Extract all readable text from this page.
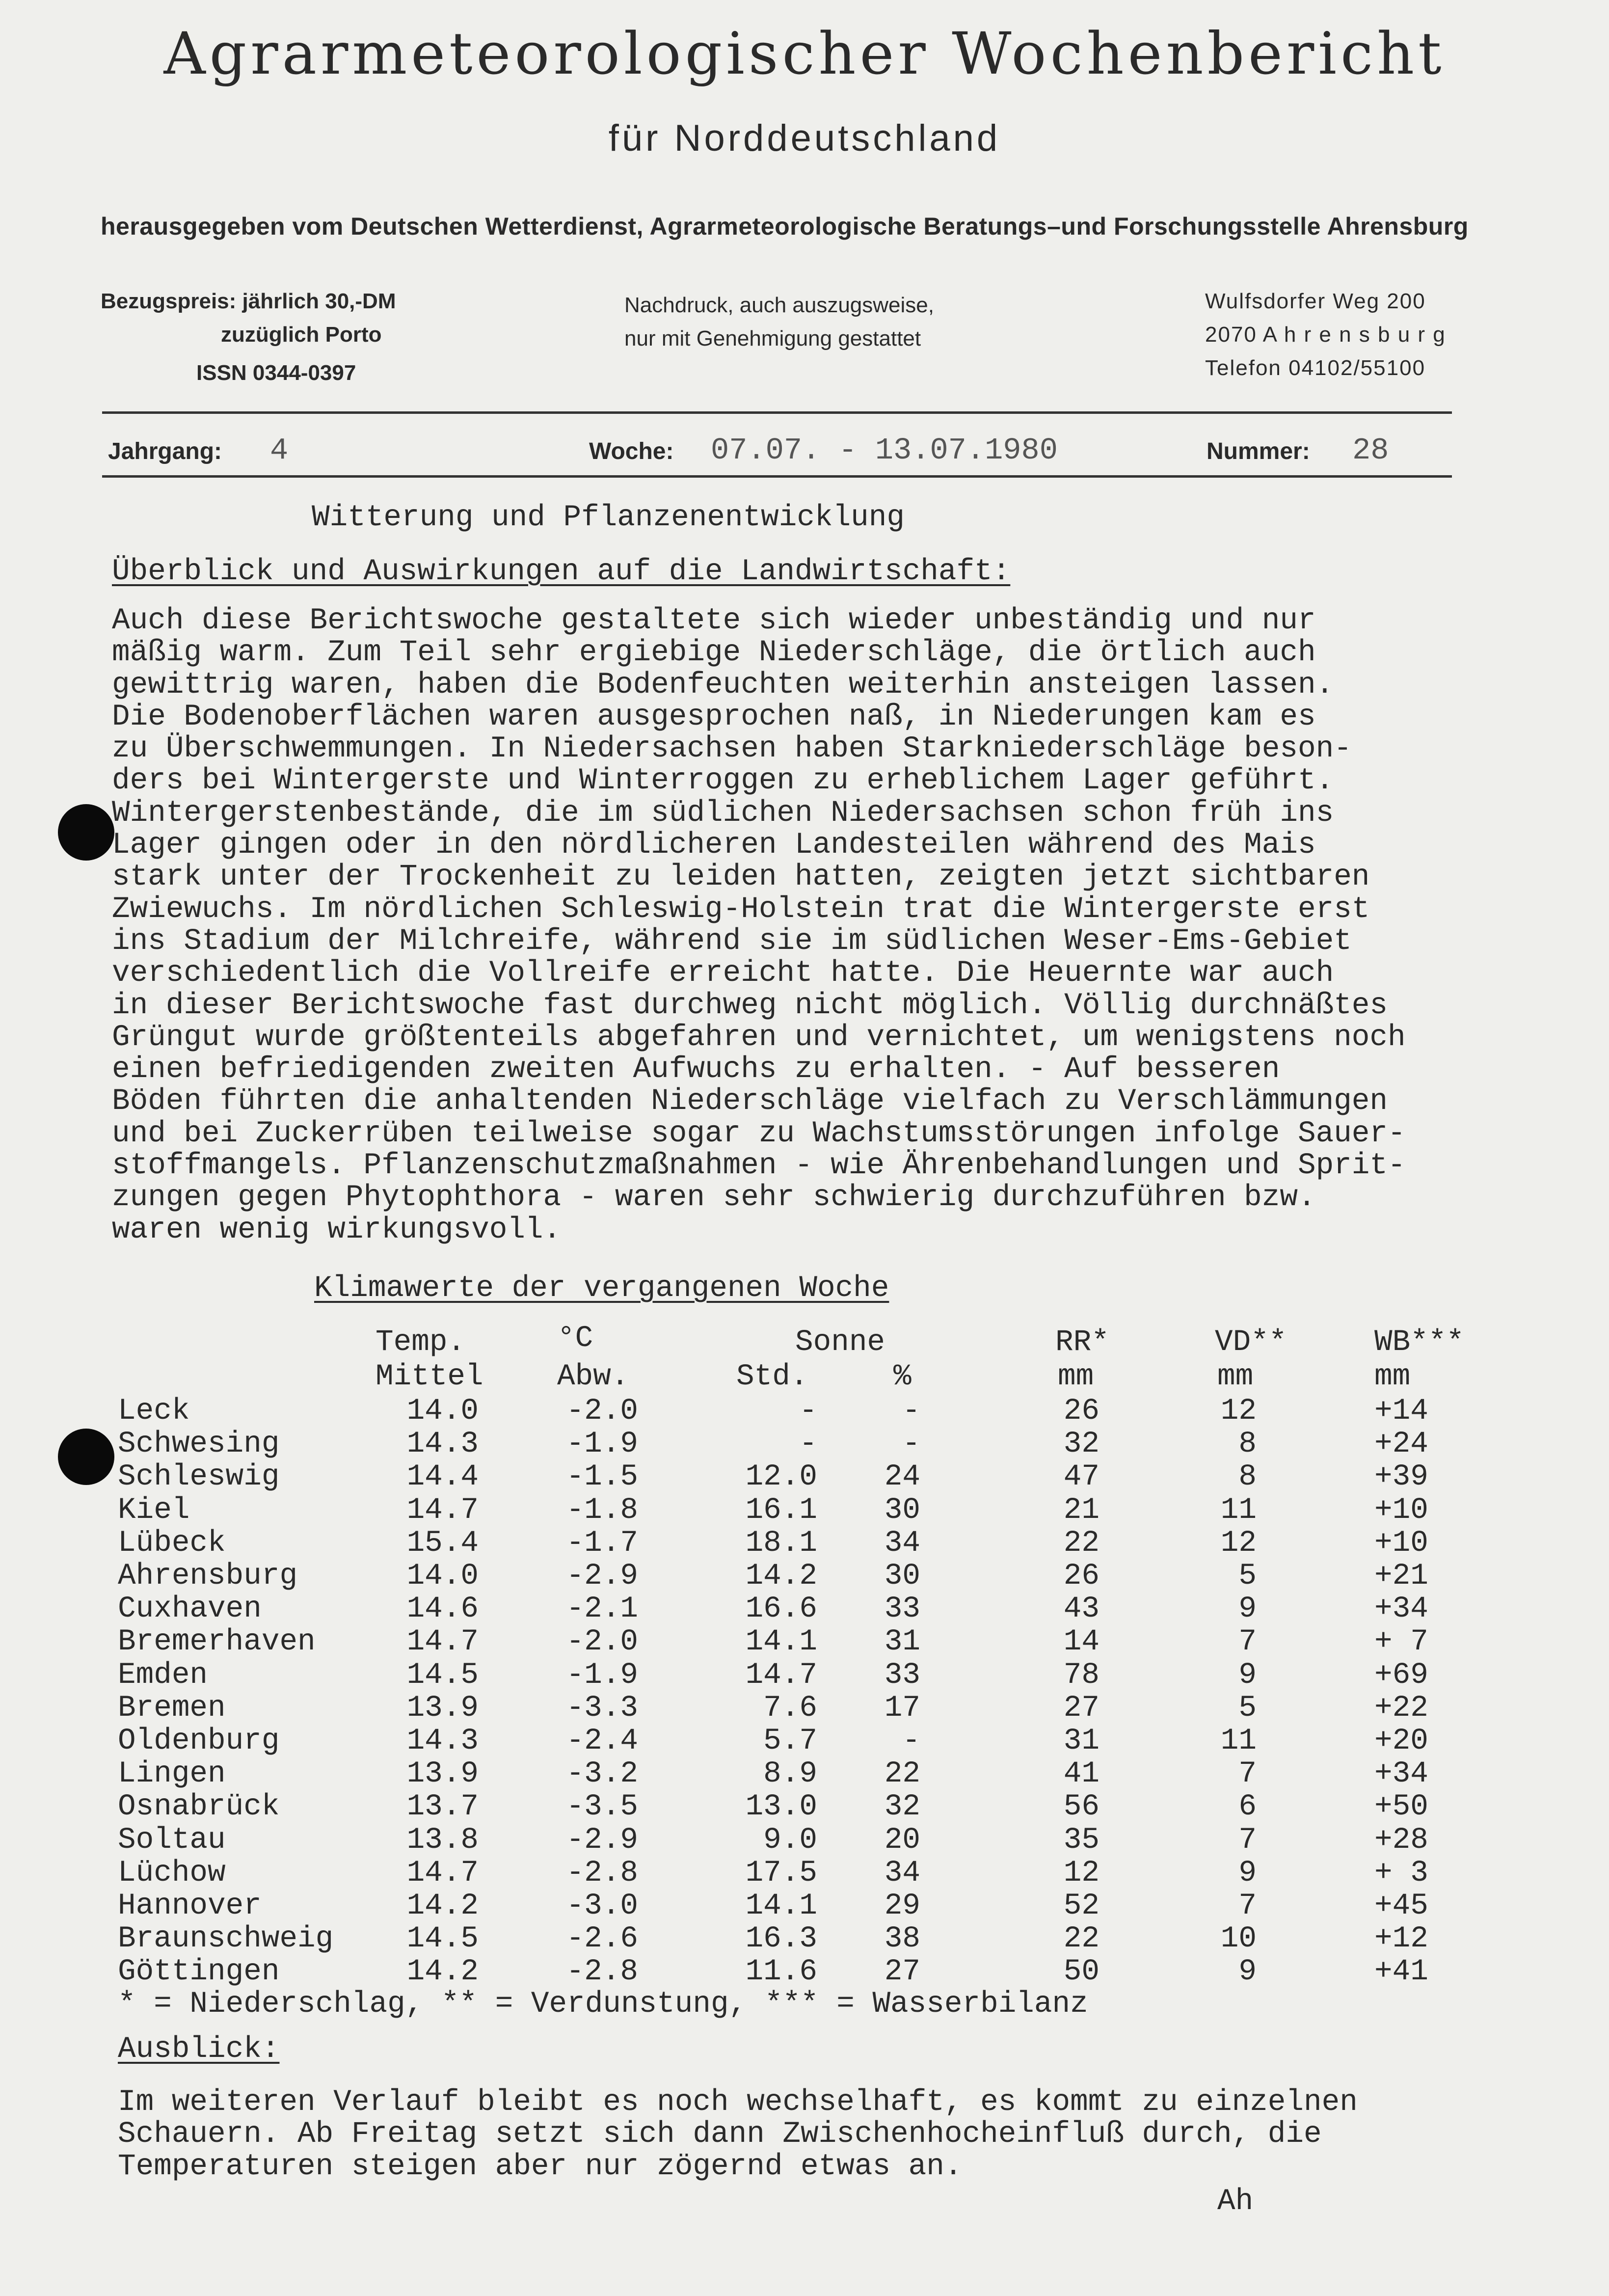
Agrarmeteorologischer Wochenbericht
für Norddeutschland
herausgegeben vom Deutschen Wetterdienst, Agrarmeteorologische Beratungs–und Forschungsstelle Ahrensburg
Bezugspreis: jährlich 30,-DM
zuzüglich Porto
ISSN 0344-0397
Nachdruck, auch auszugsweise,
nur mit Genehmigung gestattet
Wulfsdorfer Weg 200
2070 A h r e n s b u r g
Telefon 04102/55100
Jahrgang: 4	Woche: 07.07. - 13.07.1980	Nummer: 28
Witterung und Pflanzenentwicklung
Überblick und Auswirkungen auf die Landwirtschaft:
Auch diese Berichtswoche gestaltete sich wieder unbeständig und nur
mäßig warm. Zum Teil sehr ergiebige Niederschläge, die örtlich auch
gewittrig waren, haben die Bodenfeuchten weiterhin ansteigen lassen.
Die Bodenoberflächen waren ausgesprochen naß, in Niederungen kam es
zu Überschwemmungen. In Niedersachsen haben Starkniederschläge beson-
ders bei Wintergerste und Winterroggen zu erheblichem Lager geführt.
Wintergerstenbestände, die im südlichen Niedersachsen schon früh ins
Lager gingen oder in den nördlicheren Landesteilen während des Mais
stark unter der Trockenheit zu leiden hatten, zeigten jetzt sichtbaren
Zwiewuchs. Im nördlichen Schleswig-Holstein trat die Wintergerste erst
ins Stadium der Milchreife, während sie im südlichen Weser-Ems-Gebiet
verschiedentlich die Vollreife erreicht hatte. Die Heuernte war auch
in dieser Berichtswoche fast durchweg nicht möglich. Völlig durchnäßtes
Grüngut wurde größtenteils abgefahren und vernichtet, um wenigstens noch
einen befriedigenden zweiten Aufwuchs zu erhalten. - Auf besseren
Böden führten die anhaltenden Niederschläge vielfach zu Verschlämmungen
und bei Zuckerrüben teilweise sogar zu Wachstumsstörungen infolge Sauer-
stoffmangels. Pflanzenschutzmaßnahmen - wie Ährenbehandlungen und Sprit-
zungen gegen Phytophthora - waren sehr schwierig durchzuführen bzw.
waren wenig wirkungsvoll.
Klimawerte der vergangenen Woche
Temp.	°C	Sonne	RR*	VD**	WB***
Mittel Abw.	Std.	%	mm	mm	mm
Leck	14.0	-2.0	-	-	26	12	+14
Schwesing	14.3	-1.9	-	-	32	8	+24
Schleswig	14.4	-1.5	12.0	24	47	8	+39
Kiel	14.7	-1.8	16.1	30	21	11	+10
Lübeck	15.4	-1.7	18.1	34	22	12	+10
Ahrensburg	14.0	-2.9	14.2	30	26	5	+21
Cuxhaven	14.6	-2.1	16.6	33	43	9	+34
Bremerhaven	14.7	-2.0	14.1	31	14	7	+ 7
Emden	14.5	-1.9	14.7	33	78	9	+69
Bremen	13.9	-3.3	7.6	17	27	5	+22
Oldenburg	14.3	-2.4	5.7	-	31	11	+20
Lingen	13.9	-3.2	8.9	22	41	7	+34
Osnabrück	13.7	-3.5	13.0	32	56	6	+50
Soltau	13.8	-2.9	9.0	20	35	7	+28
Lüchow	14.7	-2.8	17.5	34	12	9	+ 3
Hannover	14.2	-3.0	14.1	29	52	7	+45
Braunschweig	14.5	-2.6	16.3	38	22	10	+12
Göttingen	14.2	-2.8	11.6	27	50	9	+41
* = Niederschlag, ** = Verdunstung, *** = Wasserbilanz
Ausblick:
Im weiteren Verlauf bleibt es noch wechselhaft, es kommt zu einzelnen
Schauern. Ab Freitag setzt sich dann Zwischenhocheinfluß durch, die
Temperaturen steigen aber nur zögernd etwas an.
Ah
